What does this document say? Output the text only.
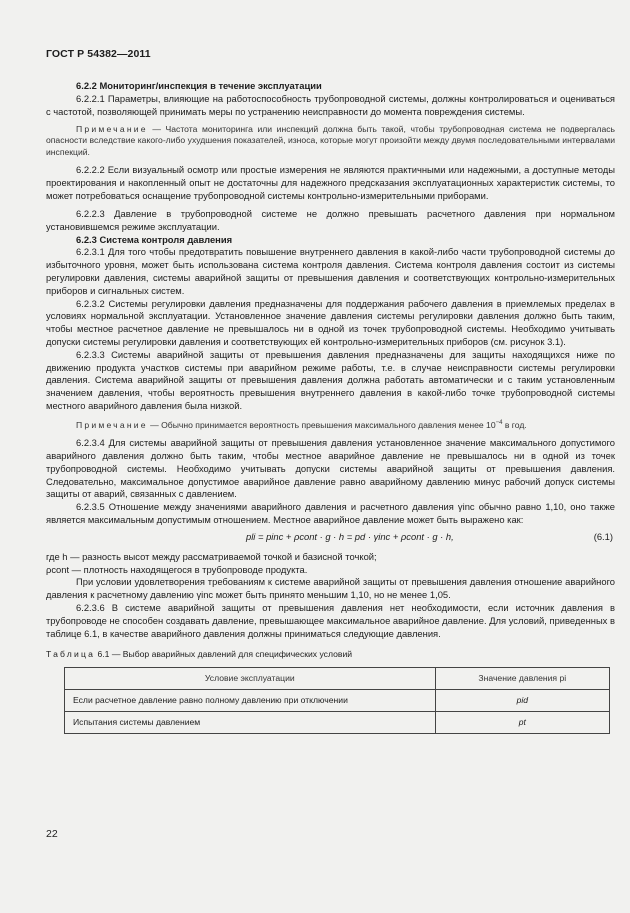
ГОСТ Р 54382—2011

6.2.2 Мониторинг/инспекция в течение эксплуатации

6.2.2.1 Параметры, влияющие на работоспособность трубопроводной системы, должны контролироваться и оцениваться с частотой, позволяющей принимать меры по устранению неисправности до момента повреждения системы.

Примечание — Частота мониторинга или инспекций должна быть такой, чтобы трубопроводная система не подвергалась опасности вследствие какого-либо ухудшения показателей, износа, которые могут произойти между двумя последовательными интервалами инспекций.

6.2.2.2 Если визуальный осмотр или простые измерения не являются практичными или надежными, а доступные методы проектирования и накопленный опыт не достаточны для надежного предсказания эксплуатационных характеристик системы, то может потребоваться оснащение трубопроводной системы контрольно-измерительными приборами.

6.2.2.3 Давление в трубопроводной системе не должно превышать расчетного давления при нормальном установившемся режиме эксплуатации.

6.2.3 Система контроля давления

6.2.3.1 Для того чтобы предотвратить повышение внутреннего давления в какой-либо части трубопроводной системы до избыточного уровня, может быть использована система контроля давления. Система контроля давления состоит из системы регулировки давления, системы аварийной защиты от превышения давления и соответствующих контрольно-измерительных приборов и сигнальных систем.

6.2.3.2 Системы регулировки давления предназначены для поддержания рабочего давления в приемлемых пределах в условиях нормальной эксплуатации. Установленное значение давления системы регулировки давления должно быть таким, чтобы местное расчетное давление не превышалось ни в одной из точек трубопроводной системы. Необходимо учитывать допуски системы регулировки давления и соответствующих ей контрольно-измерительных приборов (см. рисунок 3.1).

6.2.3.3 Системы аварийной защиты от превышения давления предназначены для защиты находящихся ниже по движению продукта участков системы при аварийном режиме работы, т.е. в случае неисправности системы регулировки давления. Система аварийной защиты от превышения давления должна работать автоматически и с таким установленным значением давления, чтобы вероятность превышения внутреннего давления в какой-либо точке трубопроводной системы местного аварийного давления была низкой.

Примечание — Обычно принимается вероятность превышения максимального давления менее $10^{-4}$ в год.

6.2.3.4 Для системы аварийной защиты от превышения давления установленное значение максимального допустимого аварийного давления должно быть таким, чтобы местное аварийное давление не превышалось ни в одной из точек трубопроводной системы. Необходимо учитывать допуски системы аварийной защиты от превышения давления. Следовательно, максимальное допустимое аварийное давление равно аварийному давлению минус рабочий допуск системы защиты от аварий, связанных с давлением.

6.2.3.5 Отношение между значениями аварийного давления и расчетного давления γinc обычно равно 1,10, оно также является максимальным допустимым отношением. Местное аварийное давление может быть выражено как:

pli = pinc + ρcont · g · h = pd · γinc + ρcont · g · h,	(6.1)

где h — разность высот между рассматриваемой точкой и базисной точкой;

ρcont — плотность находящегося в трубопроводе продукта.

При условии удовлетворения требованиям к системе аварийной защиты от превышения давления отношение аварийного давления к расчетному давлению γinc может быть принято меньшим 1,10, но не менее 1,05.

6.2.3.6 В системе аварийной защиты от превышения давления нет необходимости, если источник давления в трубопроводе не способен создавать давление, превышающее максимальное аварийное давление. Для условий, приведенных в таблице 6.1, в качестве аварийного давления должны приниматься следующие давления.

Таблица 6.1 — Выбор аварийных давлений для специфических условий

Условие эксплуатации	Значение давления pi
Если расчетное давление равно полному давлению при отключении	pid
Испытания системы давлением	pt
22
